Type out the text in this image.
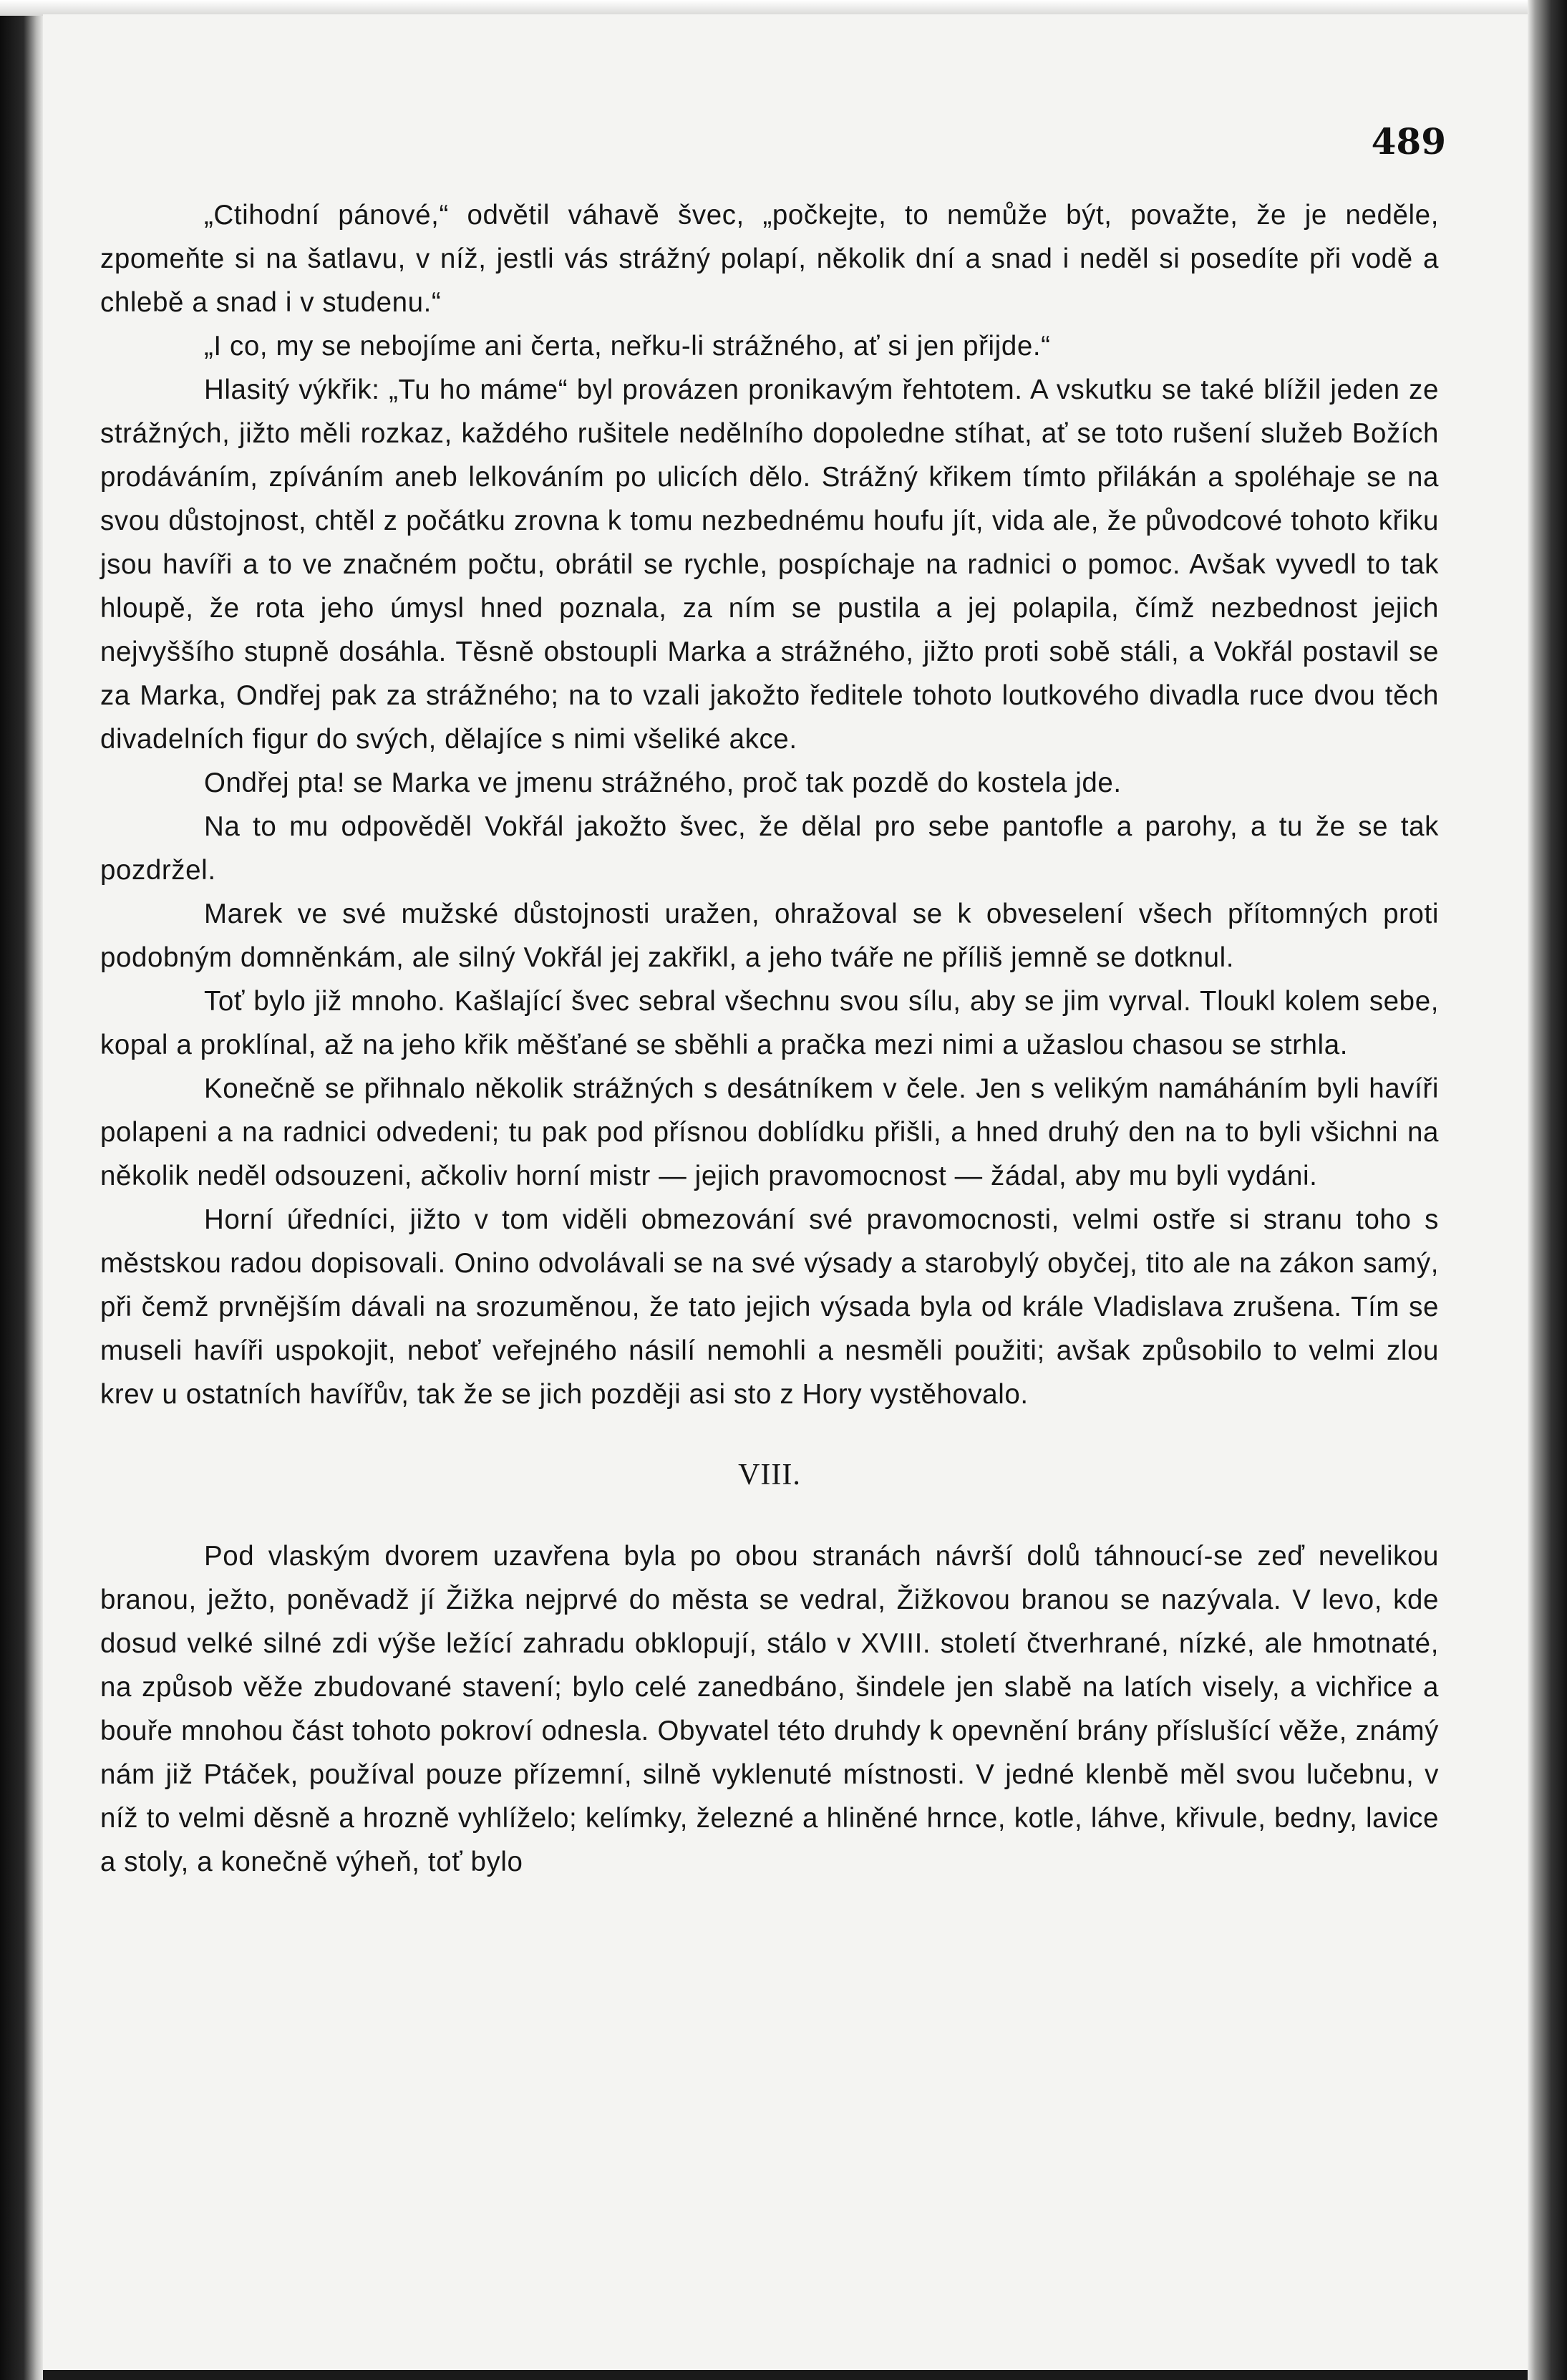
489

„Ctihodní pánové,“ odvětil váhavě švec, „počkejte, to nemůže být, považte, že je neděle, zpomeňte si na šatlavu, v níž, jestli vás strážný polapí, několik dní a snad i neděl si posedíte při vodě a chlebě a snad i v studenu.“

„I co, my se nebojíme ani čerta, neřku-li strážného, ať si jen přijde.“

Hlasitý výkřik: „Tu ho máme“ byl provázen pronikavým řehtotem. A vskutku se také blížil jeden ze strážných, jižto měli rozkaz, každého rušitele nedělního dopoledne stíhat, ať se toto rušení služeb Božích prodáváním, zpíváním aneb lelkováním po ulicích dělo. Strážný křikem tímto přilákán a spoléhaje se na svou důstojnost, chtěl z počátku zrovna k tomu nezbednému houfu jít, vida ale, že původcové tohoto křiku jsou havíři a to ve značném počtu, obrátil se rychle, pospíchaje na radnici o pomoc. Avšak vyvedl to tak hloupě, že rota jeho úmysl hned poznala, za ním se pustila a jej polapila, čímž nezbednost jejich nejvyššího stupně dosáhla. Těsně obstoupli Marka a strážného, jižto proti sobě stáli, a Vokřál postavil se za Marka, Ondřej pak za strážného; na to vzali jakožto ředitele tohoto loutkového divadla ruce dvou těch divadelních figur do svých, dělajíce s nimi všeliké akce.

Ondřej pta! se Marka ve jmenu strážného, proč tak pozdě do kostela jde.

Na to mu odpověděl Vokřál jakožto švec, že dělal pro sebe pantofle a parohy, a tu že se tak pozdržel.

Marek ve své mužské důstojnosti uražen, ohražoval se k obveselení všech přítomných proti podobným domněnkám, ale silný Vokřál jej zakřikl, a jeho tváře ne příliš jemně se dotknul.

Toť bylo již mnoho. Kašlající švec sebral všechnu svou sílu, aby se jim vyrval. Tloukl kolem sebe, kopal a proklínal, až na jeho křik měšťané se sběhli a pračka mezi nimi a užaslou chasou se strhla.

Konečně se přihnalo několik strážných s desátníkem v čele. Jen s velikým namáháním byli havíři polapeni a na radnici odvedeni; tu pak pod přísnou doblídku přišli, a hned druhý den na to byli všichni na několik neděl odsouzeni, ačkoliv horní mistr — jejich pravomocnost — žádal, aby mu byli vydáni.

Horní úředníci, jižto v tom viděli obmezování své pravomocnosti, velmi ostře si stranu toho s městskou radou dopisovali. Onino odvolávali se na své výsady a starobylý obyčej, tito ale na zákon samý, při čemž prvnějším dávali na srozuměnou, že tato jejich výsada byla od krále Vladislava zrušena. Tím se museli havíři uspokojit, neboť veřejného násilí nemohli a nesměli použiti; avšak způsobilo to velmi zlou krev u ostatních havířův, tak že se jich později asi sto z Hory vystěhovalo.

VIII.

Pod vlaským dvorem uzavřena byla po obou stranách návrší dolů táhnoucí-se zeď nevelikou branou, ježto, poněvadž jí Žižka nejprvé do města se vedral, Žižkovou branou se nazývala. V levo, kde dosud velké silné zdi výše ležící zahradu obklopují, stálo v XVIII. století čtverhrané, nízké, ale hmotnaté, na způsob věže zbudované stavení; bylo celé zanedbáno, šindele jen slabě na latích visely, a vichřice a bouře mnohou část tohoto pokroví odnesla. Obyvatel této druhdy k opevnění brány příslušící věže, známý nám již Ptáček, používal pouze přízemní, silně vyklenuté místnosti. V jedné klenbě měl svou lučebnu, v níž to velmi děsně a hrozně vyhlíželo; kelímky, železné a hliněné hrnce, kotle, láhve, křivule, bedny, lavice a stoly, a konečně výheň, toť bylo
